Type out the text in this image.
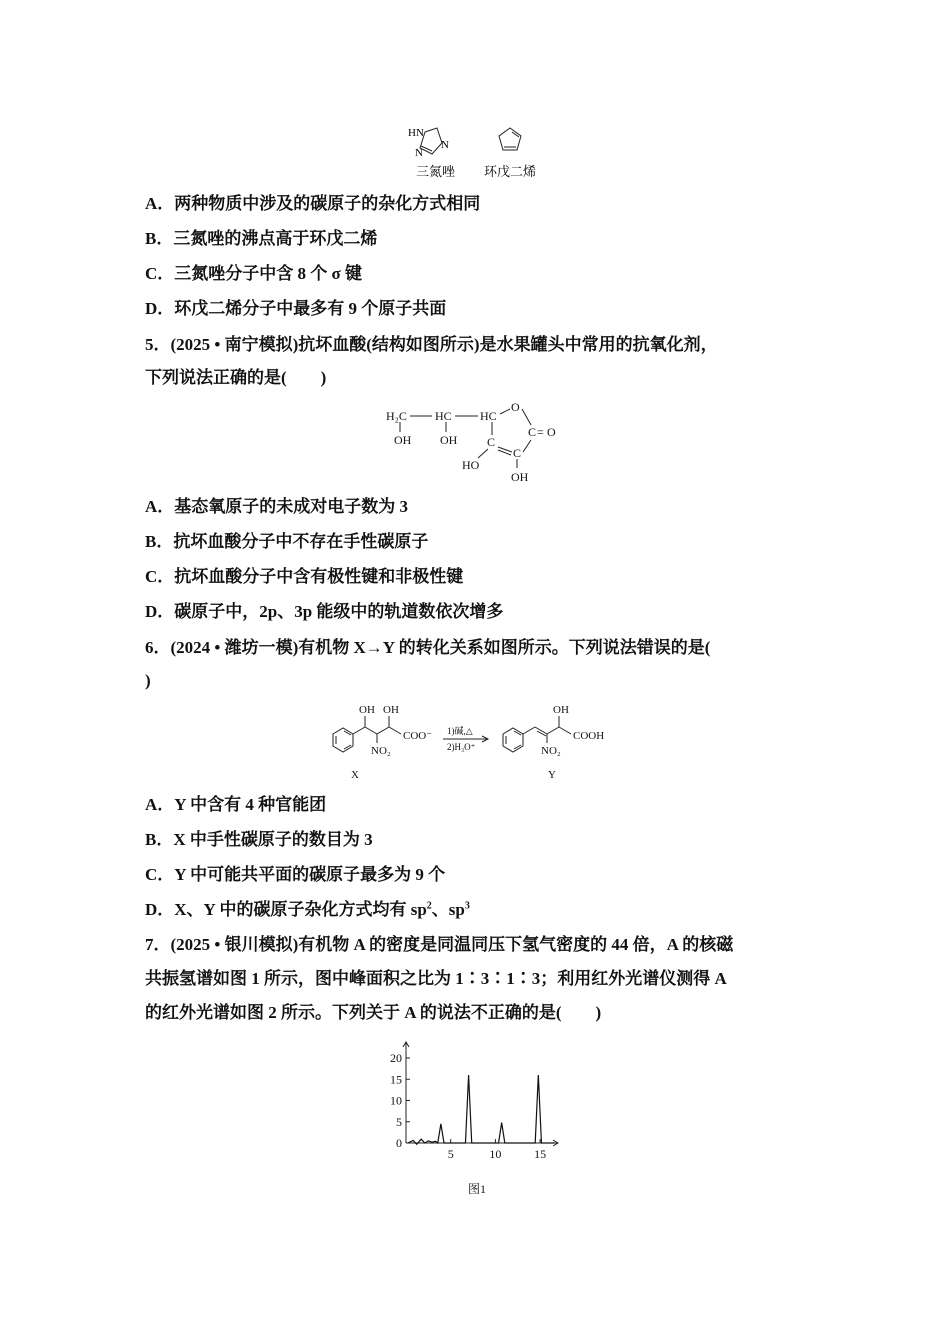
HN
N
N
三氮唑 环戊二烯
A．两种物质中涉及的碳原子的杂化方式相同
B．三氮唑的沸点高于环戊二烯
C．三氮唑分子中含 8 个 σ 键
D．环戊二烯分子中最多有 9 个原子共面
5．(2025 • 南宁模拟)抗坏血酸(结构如图所示)是水果罐头中常用的抗氧化剂，
下列说法正确的是(　　)
H₂C HC HC
O
C = O
C
C
OH OH
HO
OH
A．基态氧原子的未成对电子数为 3
B．抗坏血酸分子中不存在手性碳原子
C．抗坏血酸分子中含有极性键和非极性键
D．碳原子中，2p、3p 能级中的轨道数依次增多
6．(2024 • 潍坊一模)有机物 X→Y 的转化关系如图所示。下列说法错误的是(
)
OH OH
COO⁻
NO₂
X
1)碱,△
2)H₃O⁺
OH
COOH
NO₂
Y
A．Y 中含有 4 种官能团
B．X 中手性碳原子的数目为 3
C．Y 中可能共平面的碳原子最多为 9 个
D．X、Y 中的碳原子杂化方式均有 $sp^2$、$sp^3$
7．(2025 • 银川模拟)有机物 A 的密度是同温同压下氢气密度的 44 倍，A 的核磁
共振氢谱如图 1 所示，图中峰面积之比为 1∶3∶1∶3；利用红外光谱仪测得 A
的红外光谱如图 2 所示。下列关于 A 的说法不正确的是(　　)
0
5
10
15
20
5	10	15
图1
